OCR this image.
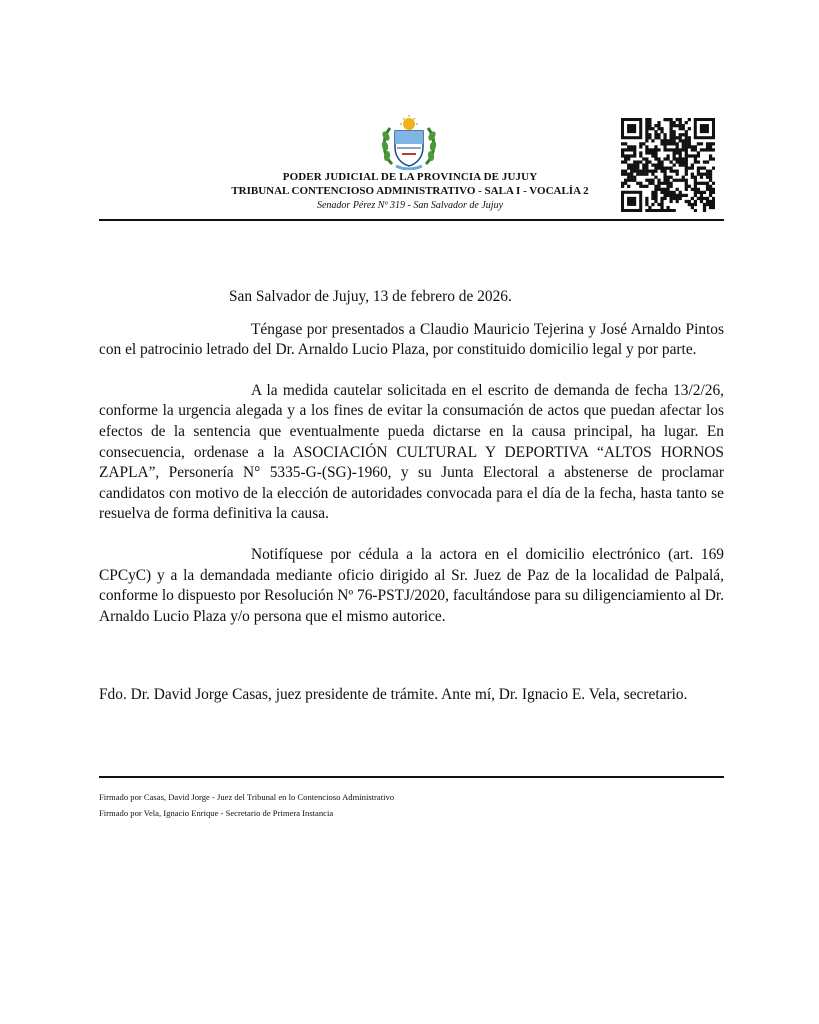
PODER JUDICIAL DE LA PROVINCIA DE JUJUY
TRIBUNAL CONTENCIOSO ADMINISTRATIVO - SALA I - VOCALÍA 2
Senador Pérez Nº 319 - San Salvador de Jujuy
San Salvador de Jujuy, 13 de febrero de 2026.

Téngase por presentados a Claudio Mauricio Tejerina y José Arnaldo Pintos con el patrocinio letrado del Dr. Arnaldo Lucio Plaza, por constituido domicilio legal y por parte.

A la medida cautelar solicitada en el escrito de demanda de fecha 13/2/26, conforme la urgencia alegada y a los fines de evitar la consumación de actos que puedan afectar los efectos de la sentencia que eventualmente pueda dictarse en la causa principal, ha lugar. En consecuencia, ordenase a la ASOCIACIÓN CULTURAL Y DEPORTIVA “ALTOS HORNOS ZAPLA”, Personería N° 5335-G-(SG)-1960, y su Junta Electoral a abstenerse de proclamar candidatos con motivo de la elección de autoridades convocada para el día de la fecha, hasta tanto se resuelva de forma definitiva la causa.

Notifíquese por cédula a la actora en el domicilio electrónico (art. 169 CPCyC) y a la demandada mediante oficio dirigido al Sr. Juez de Paz de la localidad de Palpalá, conforme lo dispuesto por Resolución Nº 76-PSTJ/2020, facultándose para su diligenciamiento al Dr. Arnaldo Lucio Plaza y/o persona que el mismo autorice.

Fdo. Dr. David Jorge Casas, juez presidente de trámite. Ante mí, Dr. Ignacio E. Vela, secretario.

Firmado por Casas, David Jorge - Juez del Tribunal en lo Contencioso Administrativo
Firmado por Vela, Ignacio Enrique - Secretario de Primera Instancia
